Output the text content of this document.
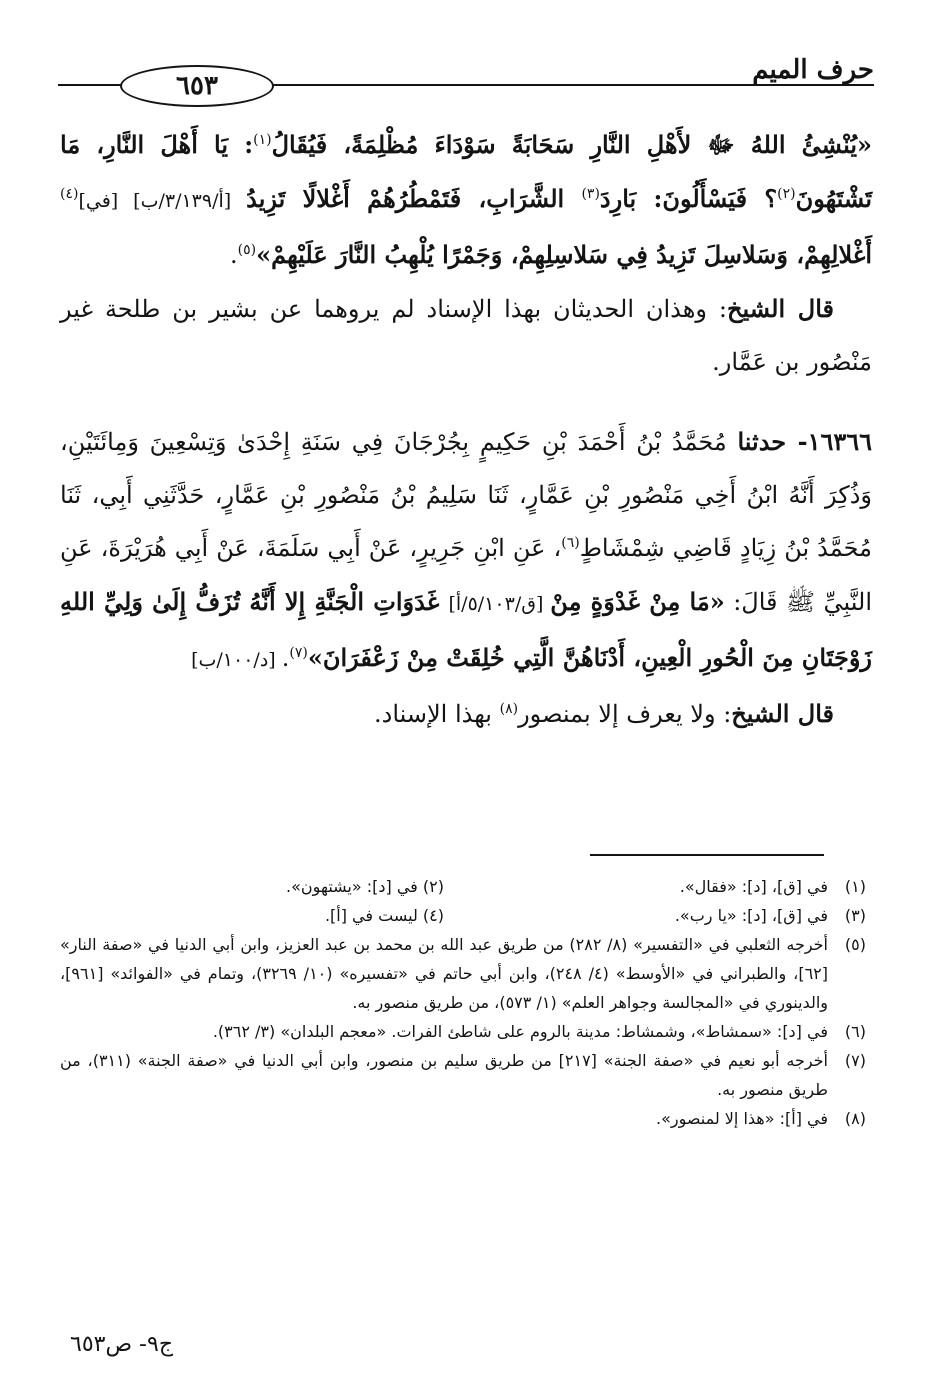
حرف الميم
٦٥٣

«يُنْشِئُ اللهُ ﷻ لأَهْلِ النَّارِ سَحَابَةً سَوْدَاءَ مُظْلِمَةً، فَيُقَالُ$^{(١)}$: يَا أَهْلَ النَّارِ، مَا تَشْتَهُونَ$^{(٢)}$؟ فَيَسْأَلُونَ: بَارِدَ$^{(٣)}$ الشَّرَابِ، فَتَمْطُرُهُمْ أَغْلالًا تَزِيدُ [أ/٣/١٣٩/ب] [في]$^{(٤)}$ أَغْلالِهِمْ، وَسَلاسِلَ تَزِيدُ فِي سَلاسِلِهِمْ، وَجَمْرًا يُلْهِبُ النَّارَ عَلَيْهِمْ»$^{(٥)}$.

قال الشيخ: وهذان الحديثان بهذا الإسناد لم يروهما عن بشير بن طلحة غير مَنْصُور بن عَمَّار.

١٦٣٦٦- حدثنا مُحَمَّدُ بْنُ أَحْمَدَ بْنِ حَكِيمٍ بِجُرْجَانَ فِي سَنَةِ إِحْدَىٰ وَتِسْعِينَ وَمِائَتَيْنِ، وَذُكِرَ أَنَّهُ ابْنُ أَخِي مَنْصُورِ بْنِ عَمَّارٍ، ثَنَا سَلِيمُ بْنُ مَنْصُورِ بْنِ عَمَّارٍ، حَدَّثَنِي أَبِي، ثَنَا مُحَمَّدُ بْنُ زِيَادٍ قَاضِي شِمْشَاطٍ$^{(٦)}$، عَنِ ابْنِ جَرِيرٍ، عَنْ أَبِي سَلَمَةَ، عَنْ أَبِي هُرَيْرَةَ، عَنِ النَّبِيِّ ﷺ قَالَ: «مَا مِنْ غَدْوَةٍ مِنْ [ق/٥/١٠٣/أ] غَدَوَاتِ الْجَنَّةِ إِلا أَنَّهُ تُزَفُّ إِلَىٰ وَلِيِّ اللهِ زَوْجَتَانِ مِنَ الْحُورِ الْعِينِ، أَدْنَاهُنَّ الَّتِي خُلِقَتْ مِنْ زَعْفَرَانَ»$^{(٧)}$. [د/١٠٠/ب]

قال الشيخ: ولا يعرف إلا بمنصور$^{(٨)}$ بهذا الإسناد.

(١)
في [ق]، [د]: «فقال».
(٢) في [د]: «يشتهون».
(٣)
في [ق]، [د]: «يا رب».
(٤) ليست في [أ].
(٥)
أخرجه الثعلبي في «التفسير» (٨/ ٢٨٢) من طريق عبد الله بن محمد بن عبد العزيز، وابن أبي الدنيا في «صفة النار» [٦٢]، والطبراني في «الأوسط» (٤/ ٢٤٨)، وابن أبي حاتم في «تفسيره» (١٠/ ٣٢٦٩)، وتمام في «الفوائد» [٩٦١]، والدينوري في «المجالسة وجواهر العلم» (١/ ٥٧٣)، من طريق منصور به.
(٦)
في [د]: «سمشاط»، وشمشاط: مدينة بالروم على شاطئ الفرات. «معجم البلدان» (٣/ ٣٦٢).
(٧)
أخرجه أبو نعيم في «صفة الجنة» [٢١٧] من طريق سليم بن منصور، وابن أبي الدنيا في «صفة الجنة» (٣١١)، من طريق منصور به.
(٨)
في [أ]: «هذا إلا لمنصور».
ج٩- ص٦٥٣
